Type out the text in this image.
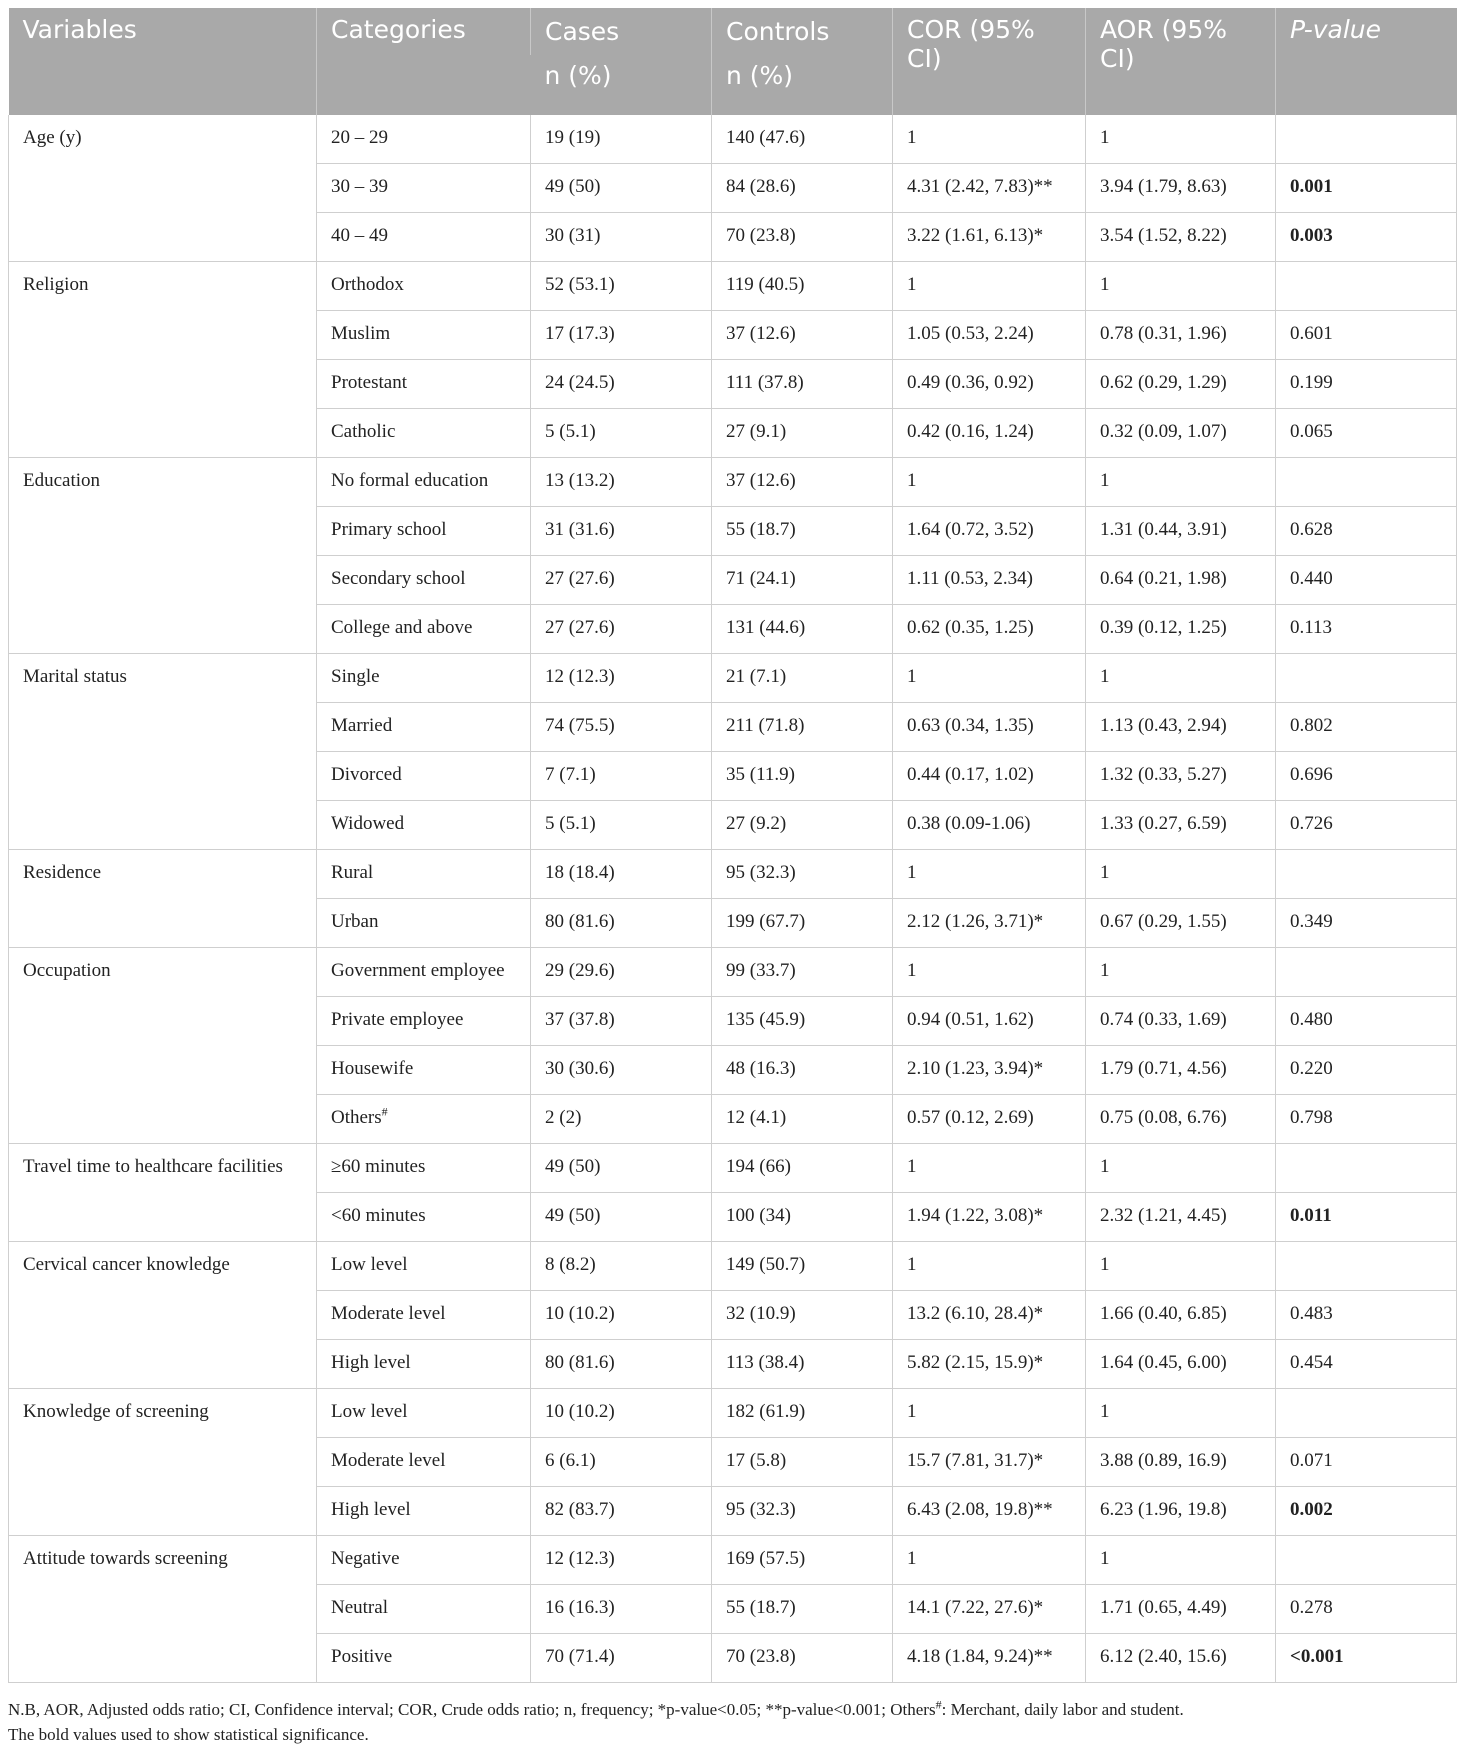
Variables	Categories	Cases	Controls	COR (95% CI)	AOR (95% CI)	P-value
		n (%)	n (%)			

Age (y)	20 – 29	19 (19)	140 (47.6)	1	1	

	30 – 39	49 (50)	84 (28.6)	4.31 (2.42, 7.83)**	3.94 (1.79, 8.63)	0.001

	40 – 49	30 (31)	70 (23.8)	3.22 (1.61, 6.13)*	3.54 (1.52, 8.22)	0.003

Religion	Orthodox	52 (53.1)	119 (40.5)	1	1	

	Muslim	17 (17.3)	37 (12.6)	1.05 (0.53, 2.24)	0.78 (0.31, 1.96)	0.601

	Protestant	24 (24.5)	111 (37.8)	0.49 (0.36, 0.92)	0.62 (0.29, 1.29)	0.199

	Catholic	5 (5.1)	27 (9.1)	0.42 (0.16, 1.24)	0.32 (0.09, 1.07)	0.065

Education	No formal education	13 (13.2)	37 (12.6)	1	1	

	Primary school	31 (31.6)	55 (18.7)	1.64 (0.72, 3.52)	1.31 (0.44, 3.91)	0.628

	Secondary school	27 (27.6)	71 (24.1)	1.11 (0.53, 2.34)	0.64 (0.21, 1.98)	0.440

	College and above	27 (27.6)	131 (44.6)	0.62 (0.35, 1.25)	0.39 (0.12, 1.25)	0.113

Marital status	Single	12 (12.3)	21 (7.1)	1	1	

	Married	74 (75.5)	211 (71.8)	0.63 (0.34, 1.35)	1.13 (0.43, 2.94)	0.802

	Divorced	7 (7.1)	35 (11.9)	0.44 (0.17, 1.02)	1.32 (0.33, 5.27)	0.696

	Widowed	5 (5.1)	27 (9.2)	0.38 (0.09-1.06)	1.33 (0.27, 6.59)	0.726

Residence	Rural	18 (18.4)	95 (32.3)	1	1	

	Urban	80 (81.6)	199 (67.7)	2.12 (1.26, 3.71)*	0.67 (0.29, 1.55)	0.349

Occupation	Government employee	29 (29.6)	99 (33.7)	1	1	

	Private employee	37 (37.8)	135 (45.9)	0.94 (0.51, 1.62)	0.74 (0.33, 1.69)	0.480

	Housewife	30 (30.6)	48 (16.3)	2.10 (1.23, 3.94)*	1.79 (0.71, 4.56)	0.220

	Others#	2 (2)	12 (4.1)	0.57 (0.12, 2.69)	0.75 (0.08, 6.76)	0.798

Travel time to healthcare facilities	≥60 minutes	49 (50)	194 (66)	1	1	

	<60 minutes	49 (50)	100 (34)	1.94 (1.22, 3.08)*	2.32 (1.21, 4.45)	0.011

Cervical cancer knowledge	Low level	8 (8.2)	149 (50.7)	1	1	

	Moderate level	10 (10.2)	32 (10.9)	13.2 (6.10, 28.4)*	1.66 (0.40, 6.85)	0.483

	High level	80 (81.6)	113 (38.4)	5.82 (2.15, 15.9)*	1.64 (0.45, 6.00)	0.454

Knowledge of screening	Low level	10 (10.2)	182 (61.9)	1	1	

	Moderate level	6 (6.1)	17 (5.8)	15.7 (7.81, 31.7)*	3.88 (0.89, 16.9)	0.071

	High level	82 (83.7)	95 (32.3)	6.43 (2.08, 19.8)**	6.23 (1.96, 19.8)	0.002

Attitude towards screening	Negative	12 (12.3)	169 (57.5)	1	1	

	Neutral	16 (16.3)	55 (18.7)	14.1 (7.22, 27.6)*	1.71 (0.65, 4.49)	0.278

	Positive	70 (71.4)	70 (23.8)	4.18 (1.84, 9.24)**	6.12 (2.40, 15.6)	<0.001
N.B, AOR, Adjusted odds ratio; CI, Confidence interval; COR, Crude odds ratio; n, frequency; *p-value<0.05; **p-value<0.001; Others#: Merchant, daily labor and student.
The bold values used to show statistical significance.
